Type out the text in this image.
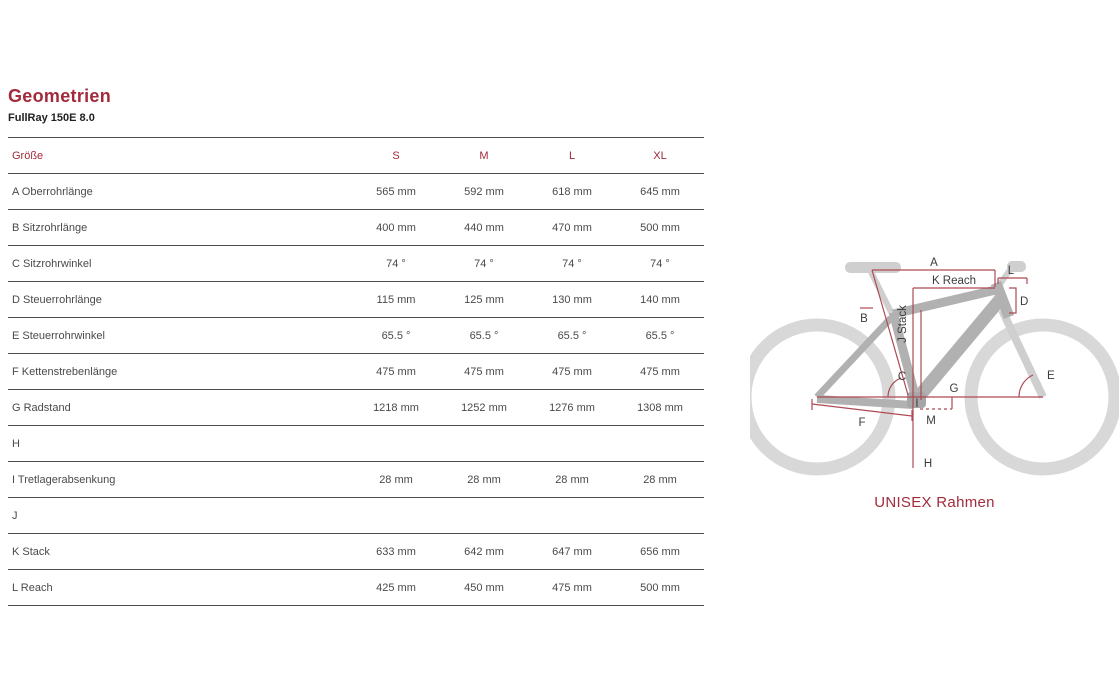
Geometrien
FullRay 150E 8.0
Größe	S	M	L	XL
A Oberrohrlänge	565 mm	592 mm	618 mm	645 mm
B Sitzrohrlänge	400 mm	440 mm	470 mm	500 mm
C Sitzrohrwinkel	74 °	74 °	74 °	74 °
D Steuerrohrlänge	115 mm	125 mm	130 mm	140 mm
E Steuerrohrwinkel	65.5 °	65.5 °	65.5 °	65.5 °
F Kettenstrebenlänge	475 mm	475 mm	475 mm	475 mm
G Radstand	1218 mm	1252 mm	1276 mm	1308 mm
H
I Tretlagerabsenkung	28 mm	28 mm	28 mm	28 mm
J
K Stack	633 mm	642 mm	647 mm	656 mm
L Reach	425 mm	450 mm	475 mm	500 mm
A
K Reach
L
D
B	J Stack
C
G
E
F
I
M
H
UNISEX Rahmen
